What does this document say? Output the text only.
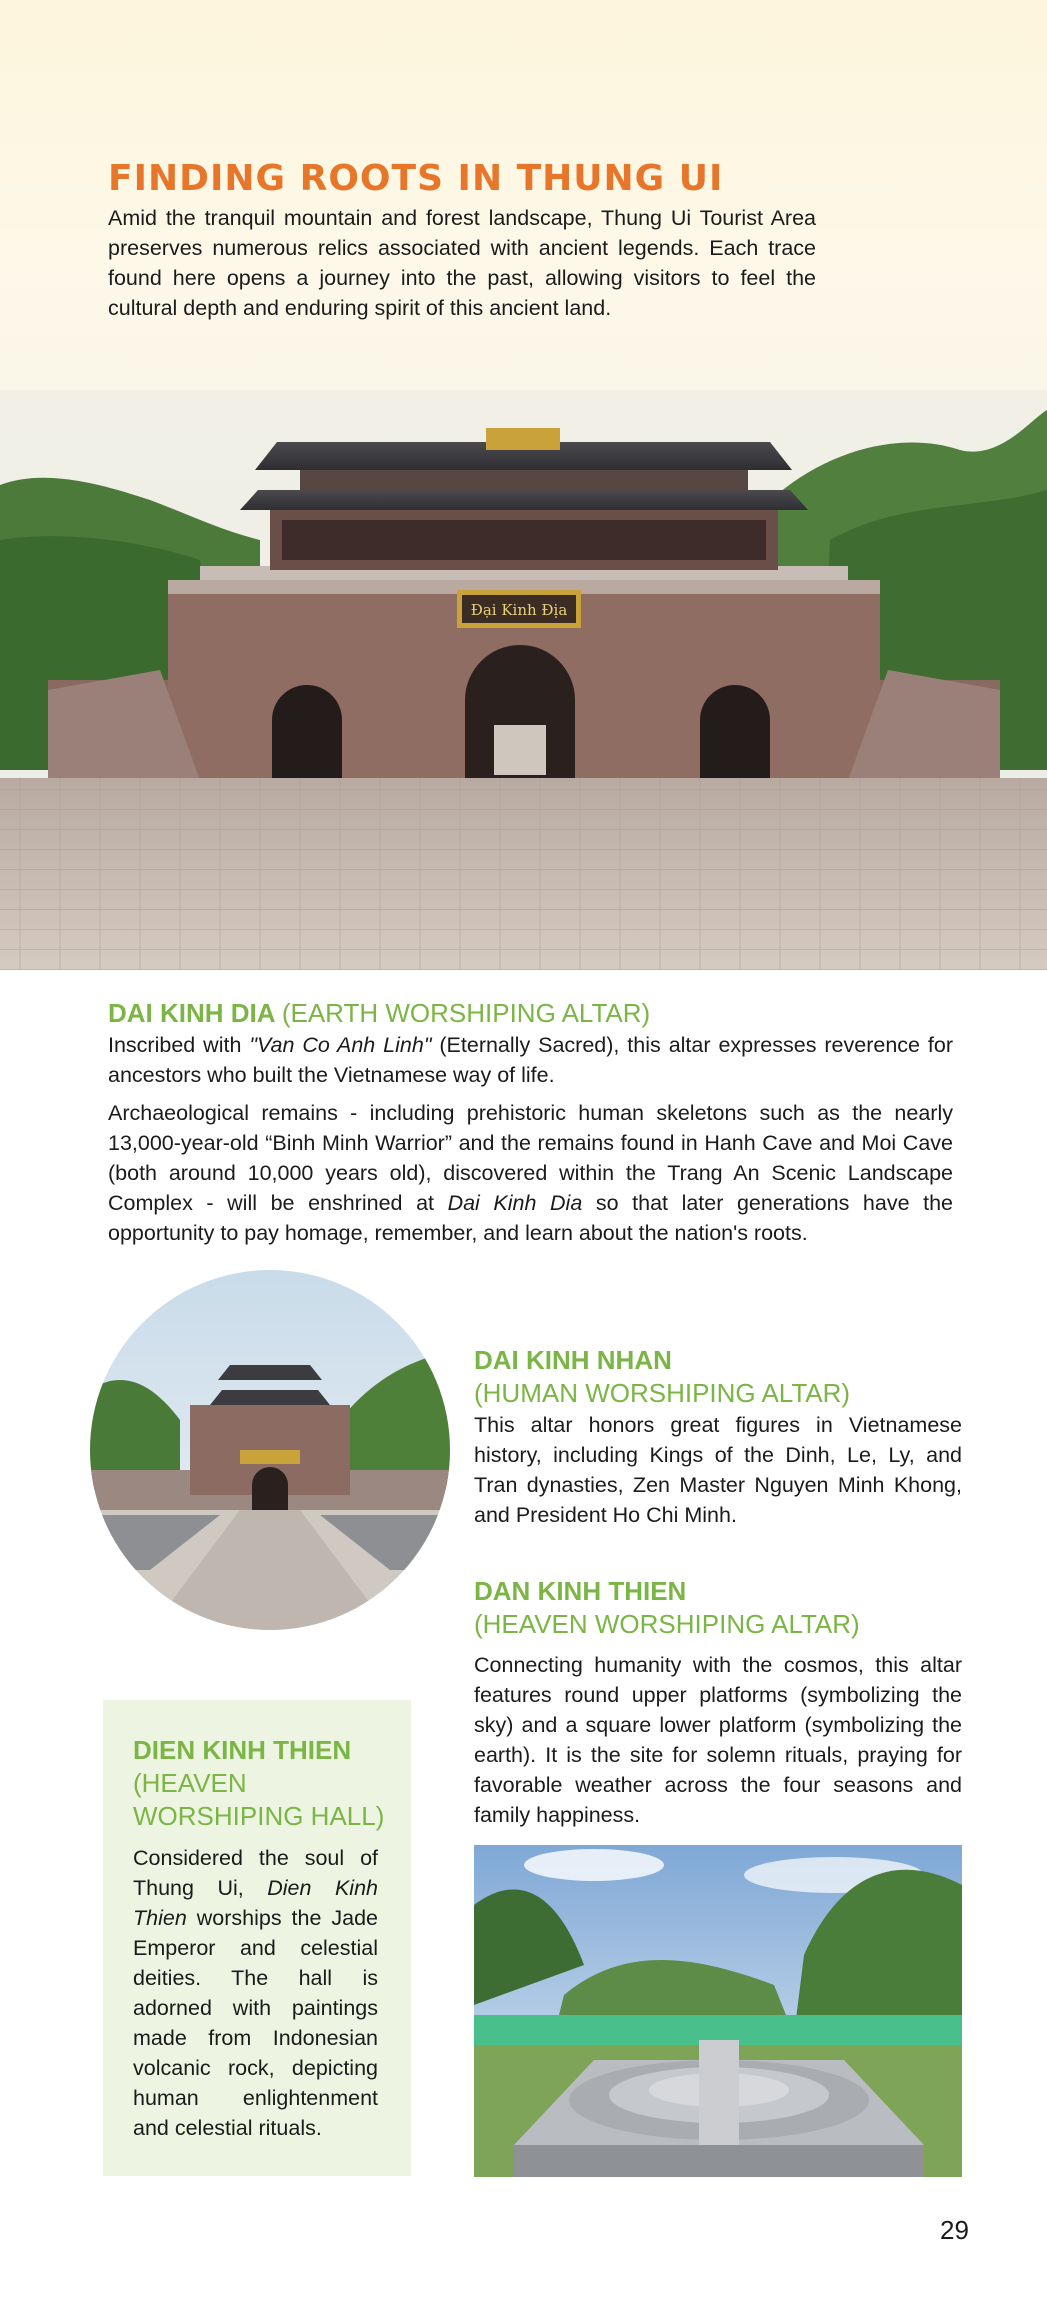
FINDING ROOTS IN THUNG UI

Amid the tranquil mountain and forest landscape, Thung Ui Tourist Area preserves numerous relics associated with ancient legends. Each trace found here opens a journey into the past, allowing visitors to feel the cultural depth and enduring spirit of this ancient land.

Đại Kinh Địa
DAI KINH DIA (EARTH WORSHIPING ALTAR)

Inscribed with "Van Co Anh Linh" (Eternally Sacred), this altar expresses reverence for ancestors who built the Vietnamese way of life.

Archaeological remains - including prehistoric human skeletons such as the nearly 13,000-year-old “Binh Minh Warrior” and the remains found in Hanh Cave and Moi Cave (both around 10,000 years old), discovered within the Trang An Scenic Landscape Complex - will be enshrined at Dai Kinh Dia so that later generations have the opportunity to pay homage, remember, and learn about the nation's roots.

DAI KINH NHAN
(HUMAN WORSHIPING ALTAR)

This altar honors great figures in Vietnamese history, including Kings of the Dinh, Le, Ly, and Tran dynasties, Zen Master Nguyen Minh Khong, and President Ho Chi Minh.

DAN KINH THIEN
(HEAVEN WORSHIPING ALTAR)

Connecting humanity with the cosmos, this altar features round upper platforms (symbolizing the sky) and a square lower platform (symbolizing the earth). It is the site for solemn rituals, praying for favorable weather across the four seasons and family happiness.

DIEN KINH THIEN
(HEAVEN
WORSHIPING HALL)

Considered the soul of Thung Ui, Dien Kinh Thien worships the Jade Emperor and celestial deities. The hall is adorned with paintings made from Indonesian volcanic rock, depicting human enlightenment and celestial rituals.

29
